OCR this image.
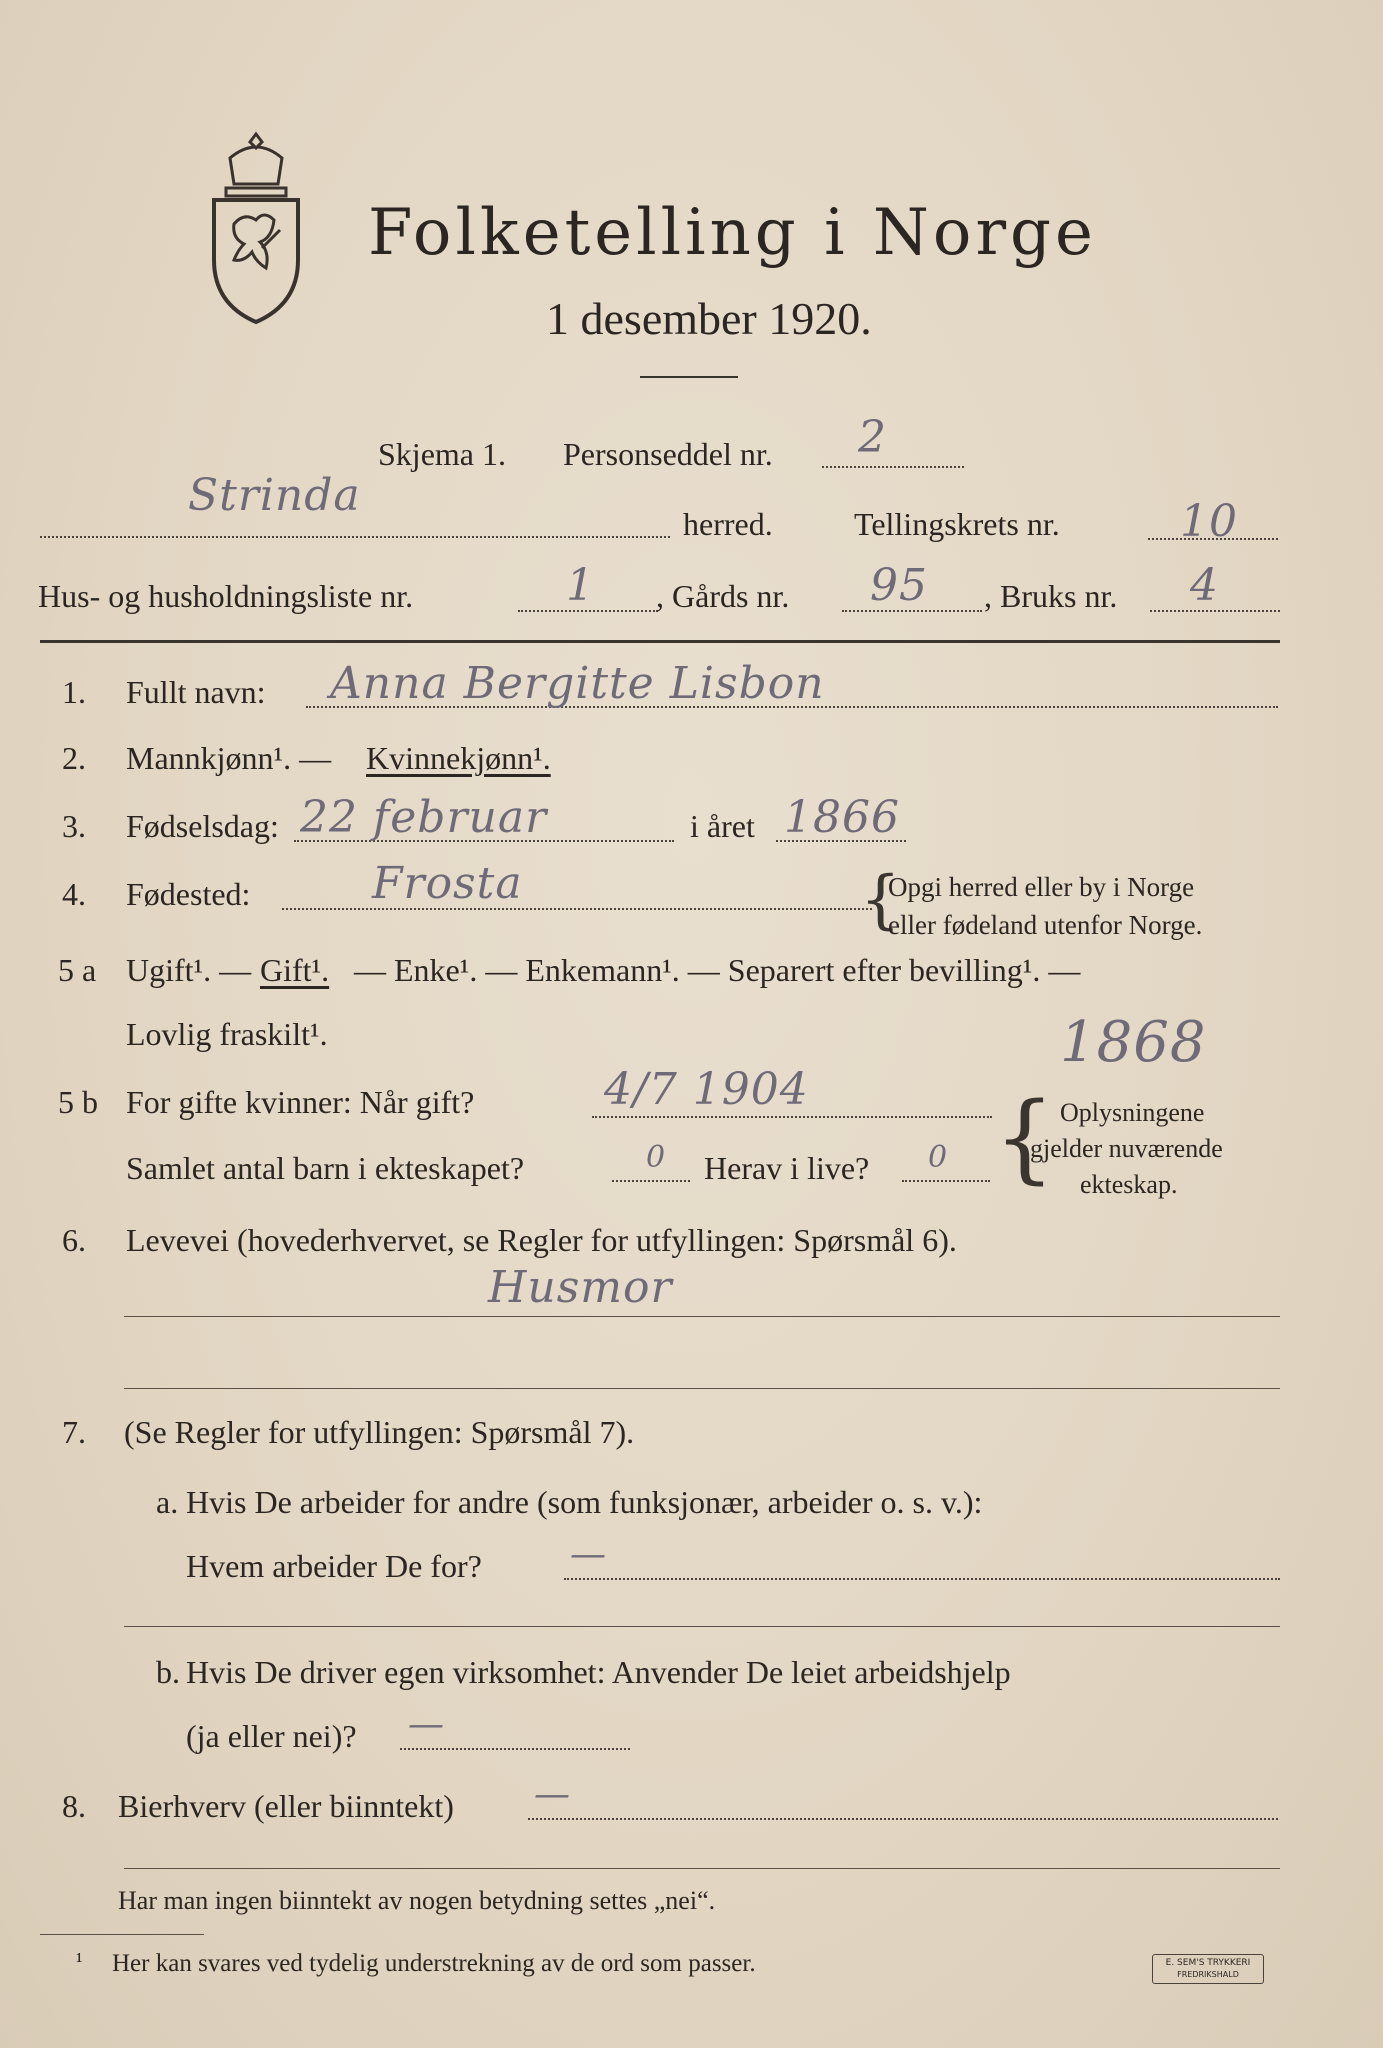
Folketelling i Norge
1 desember 1920.
Skjema 1. Personseddel nr. 2
Strinda
herred.	Tellingskrets nr.	10
Hus- og husholdningsliste nr.	1 , Gårds nr. 95 , Bruks nr. 4
1. Fullt navn: Anna Bergitte Lisbon
2. Mannkjønn¹. — Kvinnekjønn¹.
3. Fødselsdag: 22 februar	i året 1866
4. Fødested:	Frosta	{
Opgi herred eller by i Norge
eller fødeland utenfor Norge.
5 a Ugift¹. — Gift¹. — Enke¹. — Enkemann¹. — Separert efter bevilling¹. —
Lovlig fraskilt¹.	1868
5 b For gifte kvinner: Når gift?	4/7 1904
Samlet antal barn i ekteskapet?	0 Herav i live? 0 { Oplysningene
gjelder nuværende
ekteskap.
6. Levevei (hovederhvervet, se Regler for utfyllingen: Spørsmål 6).
Husmor
7. (Se Regler for utfyllingen: Spørsmål 7).
a. Hvis De arbeider for andre (som funksjonær, arbeider o. s. v.):
Hvem arbeider De for? —
b. Hvis De driver egen virksomhet: Anvender De leiet arbeidshjelp
(ja eller nei)? —
8. Bierhverv (eller biinntekt) —
Har man ingen biinntekt av nogen betydning settes „nei“.
¹ Her kan svares ved tydelig understrekning av de ord som passer.	E. SEM'S TRYKKERI
FREDRIKSHALD
